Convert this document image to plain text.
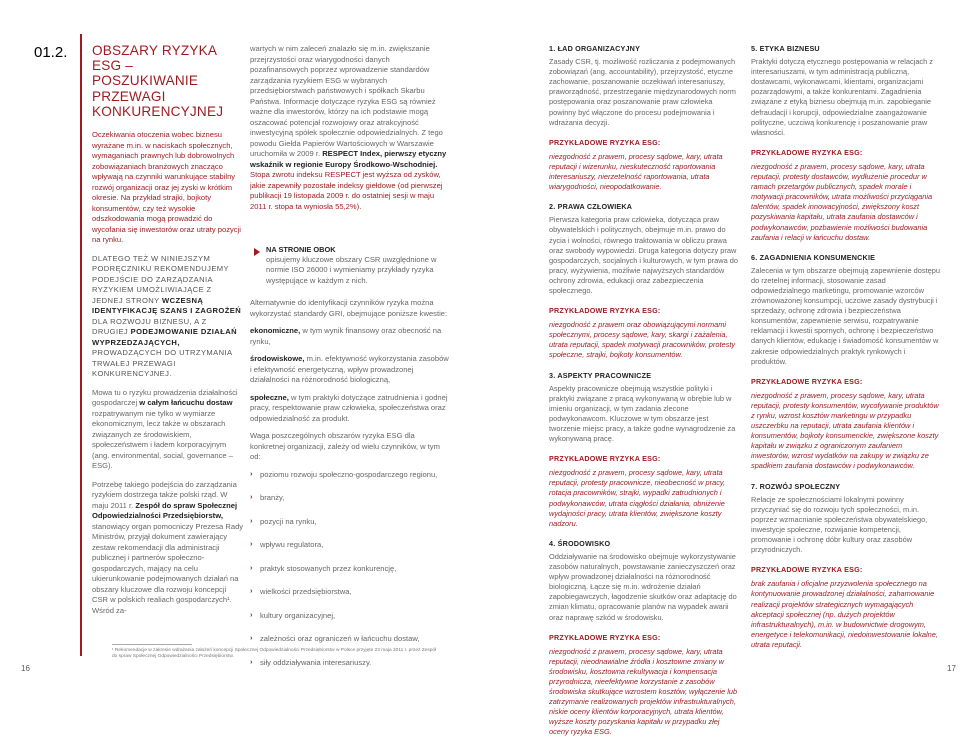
01.2. OBSZARY RYZYKA ESG – POSZUKIWANIE PRZEWAGI KONKURENCYJNEJ

Oczekiwania otoczenia wobec biznesu wyrażane m.in. w naciskach społecznych, wymaganiach prawnych lub dobrowolnych zobowiązaniach branżowych znacząco wpływają na czynniki warunkujące stabilny rozwój organizacji oraz jej zyski w krótkim okresie. Na przykład strajki, bojkoty konsumentów, czy też wysokie odszkodowania mogą prowadzić do wycofania się inwestorów oraz utraty pozycji na rynku.

DLATEGO TEŻ W NINIEJSZYM PODRĘCZNIKU REKOMENDUJEMY PODEJŚCIE DO ZARZĄDZANIA RYZYKIEM UMOŻLIWIAJĄCE Z JEDNEJ STRONY WCZESNĄ IDENTYFIKACJĘ SZANS I ZAGROŻEŃ DLA ROZWOJU BIZNESU, A Z DRUGIEJ PODEJMOWANIE DZIAŁAŃ WYPRZEDZAJĄCYCH, PROWADZĄCYCH DO UTRZYMANIA TRWAŁEJ PRZEWAGI KONKURENCYJNEJ.

Mowa tu o ryzyku prowadzenia działalności gospodarczej w całym łańcuchu dostaw rozpatrywanym nie tylko w wymiarze ekonomicznym, lecz także w obszarach związanych ze środowiskiem, społeczeństwem i ładem korporacyjnym (ang. environmental, social, governance – ESG).

Potrzebę takiego podejścia do zarządzania ryzykiem dostrzega także polski rząd. W maju 2011 r. Zespół do spraw Społecznej Odpowiedzialności Przedsiębiorstw, stanowiący organ pomocniczy Prezesa Rady Ministrów, przyjął dokument zawierający zestaw rekomendacji dla administracji publicznej i partnerów społeczno-gospodarczych, mający na celu ukierunkowanie podejmowanych działań na obszary kluczowe dla rozwoju koncepcji CSR w polskich realiach gospodarczych¹. Wśród za-

wartych w nim zaleceń znalazło się m.in. zwiększanie przejrzystości oraz wiarygodności danych pozafinansowych poprzez wprowadzenie standardów zarządzania ryzykiem ESG w wybranych przedsiębiorstwach państwowych i spółkach Skarbu Państwa. Informacje dotyczące ryzyka ESG są również ważne dla inwestorów, którzy na ich podstawie mogą oszacować potencjał rozwojowy oraz atrakcyjność inwestycyjną spółek społecznie odpowiedzialnych. Z tego powodu Giełda Papierów Wartościowych w Warszawie uruchomiła w 2009 r. RESPECT Index, pierwszy etyczny wskaźnik w regionie Europy Środkowo-Wschodniej. Stopa zwrotu indeksu RESPECT jest wyższa od zysków, jakie zapewniły pozostałe indeksy giełdowe (od pierwszej publikacji 19 listopada 2009 r. do ostatniej sesji w maju 2011 r. stopa ta wyniosła 55,2%).

NA STRONIE OBOK
opisujemy kluczowe obszary CSR uwzględnione w normie ISO 26000 i wymieniamy przykłady ryzyka występujące w każdym z nich.

Alternatywnie do identyfikacji czynników ryzyka można wykorzystać standardy GRI, obejmujące poniższe kwestie:

ekonomiczne, w tym wynik finansowy oraz obecność na rynku,

środowiskowe, m.in. efektywność wykorzystania zasobów i efektywność energetyczną, wpływ prowadzonej działalności na różnorodność biologiczną,

społeczne, w tym praktyki dotyczące zatrudnienia i godnej pracy, respektowanie praw człowieka, społeczeństwa oraz odpowiedzialność za produkt.

Waga poszczególnych obszarów ryzyka ESG dla konkretnej organizacji, zależy od wielu czynników, w tym od:

› poziomu rozwoju społeczno-gospodarczego regionu,
› branży,
› pozycji na rynku,
› wpływu regulatora,
› praktyk stosowanych przez konkurencję,
› wielkości przedsiębiorstwa,
› kultury organizacyjnej,
› zależności oraz ograniczeń w łańcuchu dostaw,
› siły oddziaływania interesariuszy.
¹ Rekomendacje w zakresie wdrażania założeń koncepcji Społecznej Odpowiedzialności Przedsiębiorstw w Polsce przyjęte 23 maja 2011 r. przez Zespół do spraw Społecznej Odpowiedzialności Przedsiębiorstw.
16	17
1. ŁAD ORGANIZACYJNY
Zasady CSR, tj. możliwość rozliczania z podejmowanych zobowiązań (ang. accountability), przejrzystość, etyczne zachowanie, poszanowanie oczekiwań interesariuszy, praworządność, przestrzeganie międzynarodowych norm postępowania oraz poszanowanie praw człowieka powinny być włączone do procesu podejmowania i wdrażania decyzji.
PRZYKŁADOWE RYZYKA ESG:
niezgodność z prawem, procesy sądowe, kary, utrata reputacji i wizerunku, nieskuteczność raportowania interesariuszy, nierzetelność raportowania, utrata wiarygodności, nieopodatkowanie.
2. PRAWA CZŁOWIEKA
Pierwsza kategoria praw człowieka, dotycząca praw obywatelskich i politycznych, obejmuje m.in. prawo do życia i wolności, równego traktowania w obliczu prawa oraz swobody wypowiedzi. Druga kategoria dotyczy praw gospodarczych, socjalnych i kulturowych, w tym prawa do pracy, wyżywienia, możliwie najwyższych standardów ochrony zdrowia, edukacji oraz zabezpieczenia społecznego.
PRZYKŁADOWE RYZYKA ESG:
niezgodność z prawem oraz obowiązującymi normami społecznymi, procesy sądowe, kary, skargi i zażalenia, utrata reputacji, spadek motywacji pracowników, protesty społeczne, strajki, bojkoty konsumentów.
3. ASPEKTY PRACOWNICZE
Aspekty pracownicze obejmują wszystkie polityki i praktyki związane z pracą wykonywaną w obrębie lub w imieniu organizacji, w tym zadania zlecone podwykonawcom. Kluczowe w tym obszarze jest tworzenie miejsc pracy, a także godne wynagrodzenie za wykonywaną pracę.
PRZYKŁADOWE RYZYKA ESG:
niezgodność z prawem, procesy sądowe, kary, utrata reputacji, protesty pracownicze, nieobecność w pracy, rotacja pracowników, strajki, wypadki zatrudnionych i podwykonawców, utrata ciągłości działania, obniżenie wydajności pracy, utrata klientów, zwiększone koszty nadzoru.
4. ŚRODOWISKO
Oddziaływanie na środowisko obejmuje wykorzystywanie zasobów naturalnych, powstawanie zanieczyszczeń oraz wpływ prowadzonej działalności na różnorodność biologiczną. Łącze się m.in. wdrożenie działań zapobiegawczych, łagodzenie skutków oraz adaptację do zmian klimatu, opracowanie planów na wypadek awarii oraz naprawę szkód w środowisku.
PRZYKŁADOWE RYZYKA ESG:
niezgodność z prawem, procesy sądowe, kary, utrata reputacji, nieodnawialne źródła i kosztowne zmiany w środowisku, kosztowna rekultywacja i kompensacja przyrodnicza, nieefektywne korzystanie z zasobów środowiska skutkujące wzrostem kosztów, wyłączenie lub zatrzymanie realizowanych projektów infrastrukturalnych, niskie oceny klientów korporacyjnych, utrata klientów, wyższe koszty pozyskania kapitału w przypadku złej oceny ryzyka ESG.
5. ETYKA BIZNESU
Praktyki dotyczą etycznego postępowania w relacjach z interesariuszami, w tym administracją publiczną, dostawcami, wykonawcami, klientami, organizacjami pozarządowymi, a także konkurentami. Zagadnienia związane z etyką biznesu obejmują m.in. zapobieganie defraudacji i korupcji, odpowiedzialne zaangażowanie polityczne, uczciwą konkurencję i poszanowanie praw własności.
PRZYKŁADOWE RYZYKA ESG:
niezgodność z prawem, procesy sądowe, kary, utrata reputacji, protesty dostawców, wydłużenie procedur w ramach przetargów publicznych, spadek morale i motywacji pracowników, utrata możliwości przyciągania talentów, spadek innowacyjności, zwiększony koszt pozyskiwania kapitału, utrata zaufania dostawców i podwykonawców, pozbawienie możliwości budowania zaufania i relacji w łańcuchu dostaw.
6. ZAGADNIENIA KONSUMENCKIE
Zalecenia w tym obszarze obejmują zapewnienie dostępu do rzetelnej informacji, stosowanie zasad odpowiedzialnego marketingu, promowanie wzorców zrównoważonej konsumpcji, uczciwe zasady dystrybucji i sprzedaży, ochronę zdrowia i bezpieczeństwa konsumentów, zapewnienie serwisu, rozpatrywanie reklamacji i kwestii spornych, ochronę i bezpieczeństwo danych klientów, edukację i świadomość konsumentów w zakresie odpowiedzialnych praktyk rynkowych i produktów.
PRZYKŁADOWE RYZYKA ESG:
niezgodność z prawem, procesy sądowe, kary, utrata reputacji, protesty konsumentów, wycofywanie produktów z rynku, wzrost kosztów marketingu w przypadku uszczerbku na reputacji, utrata zaufania klientów i konsumentów, bojkoty konsumenckie, zwiększone koszty kapitału w związku z ograniczonym zaufaniem inwestorów, wzrost wydatków na zakupy w związku ze spadkiem zaufania dostawców i podwykonawców.
7. ROZWÓJ SPOŁECZNY
Relacje ze społecznościami lokalnymi powinny przyczyniać się do rozwoju tych społeczności, m.in. poprzez wzmacnianie społeczeństwa obywatelskiego, inwestycje społeczne, rozwijanie kompetencji, promowanie i ochronę dóbr kultury oraz zasobów przyrodniczych.
PRZYKŁADOWE RYZYKA ESG:
brak zaufania i oficjalne przyzwolenia społecznego na kontynuowanie prowadzonej działalności, zahamowanie realizacji projektów strategicznych wymagających akceptacji społecznej (np. dużych projektów infrastrukturalnych), m.in. w budownictwie drogowym, energetyce i telekomunikacji, niedoinwestowanie lokalne, utrata reputacji.
